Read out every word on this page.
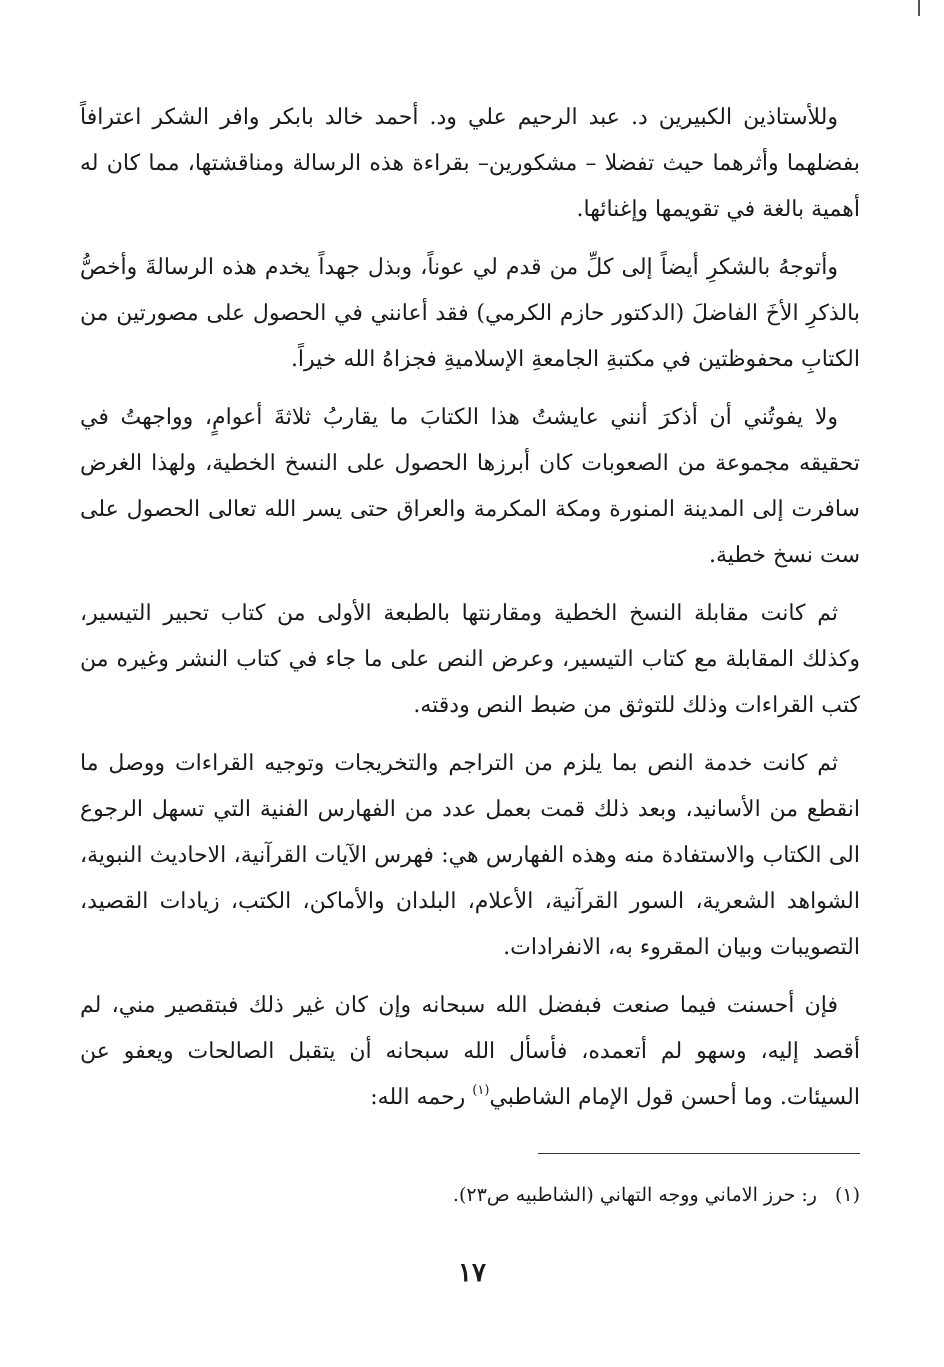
وللأستاذين الكبيرين د. عبد الرحيم علي ود. أحمد خالد بابكر وافر الشكر اعترافاً بفضلهما وأثرهما حيث تفضلا – مشكورين– بقراءة هذه الرسالة ومناقشتها، مما كان له أهمية بالغة في تقويمها وإغنائها.

وأتوجهُ بالشكرِ أيضاً إلى كلِّ من قدم لي عوناً، وبذل جهداً يخدم هذه الرسالةَ وأخصُّ بالذكرِ الأخَ الفاضلَ (الدكتور حازم الكرمي) فقد أعانني في الحصول على مصورتين من الكتابِ محفوظتين في مكتبةِ الجامعةِ الإسلاميةِ فجزاهُ الله خيراً.

ولا يفوتُني أن أذكرَ أنني عايشتُ هذا الكتابَ ما يقاربُ ثلاثةَ أعوامٍ، وواجهتُ في تحقيقه مجموعة من الصعوبات كان أبرزها الحصول على النسخ الخطية، ولهذا الغرض سافرت إلى المدينة المنورة ومكة المكرمة والعراق حتى يسر الله تعالى الحصول على ست نسخ خطية.

ثم كانت مقابلة النسخ الخطية ومقارنتها بالطبعة الأولى من كتاب تحبير التيسير، وكذلك المقابلة مع كتاب التيسير، وعرض النص على ما جاء في كتاب النشر وغيره من كتب القراءات وذلك للتوثق من ضبط النص ودقته.

ثم كانت خدمة النص بما يلزم من التراجم والتخريجات وتوجيه القراءات ووصل ما انقطع من الأسانيد، وبعد ذلك قمت بعمل عدد من الفهارس الفنية التي تسهل الرجوع الى الكتاب والاستفادة منه وهذه الفهارس هي: فهرس الآيات القرآنية، الاحاديث النبوية، الشواهد الشعرية، السور القرآنية، الأعلام، البلدان والأماكن، الكتب، زيادات القصيد، التصويبات وبيان المقروء به، الانفرادات.

فإن أحسنت فيما صنعت فبفضل الله سبحانه وإن كان غير ذلك فبتقصير مني، لم أقصد إليه، وسهو لم أتعمده، فأسأل الله سبحانه أن يتقبل الصالحات ويعفو عن السيئات. وما أحسن قول الإمام الشاطبي$^{(١)}$ رحمه الله:

(١)ر: حرز الاماني ووجه التهاني (الشاطبيه ص٢٣).
١٧
